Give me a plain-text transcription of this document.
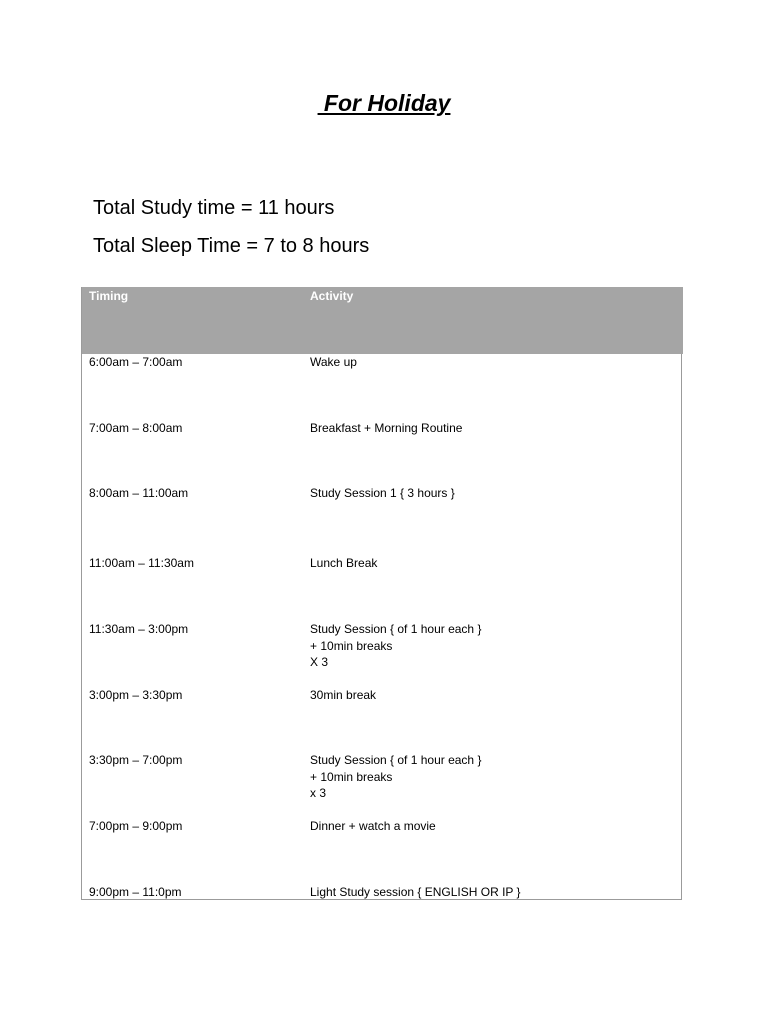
For Holiday
Total Study time = 11 hours
Total Sleep Time = 7 to 8 hours
Timing	Activity
6:00am – 7:00am	Wake up
7:00am – 8:00am	Breakfast + Morning Routine
8:00am – 11:00am	Study Session 1 { 3 hours }
11:00am – 11:30am	Lunch Break
11:30am – 3:00pm	Study Session { of 1 hour each }
+ 10min breaks
X 3
3:00pm – 3:30pm	30min break
3:30pm – 7:00pm	Study Session { of 1 hour each }
+ 10min breaks
x 3
7:00pm – 9:00pm	Dinner + watch a movie
9:00pm – 11:0pm	Light Study session { ENGLISH OR IP }
